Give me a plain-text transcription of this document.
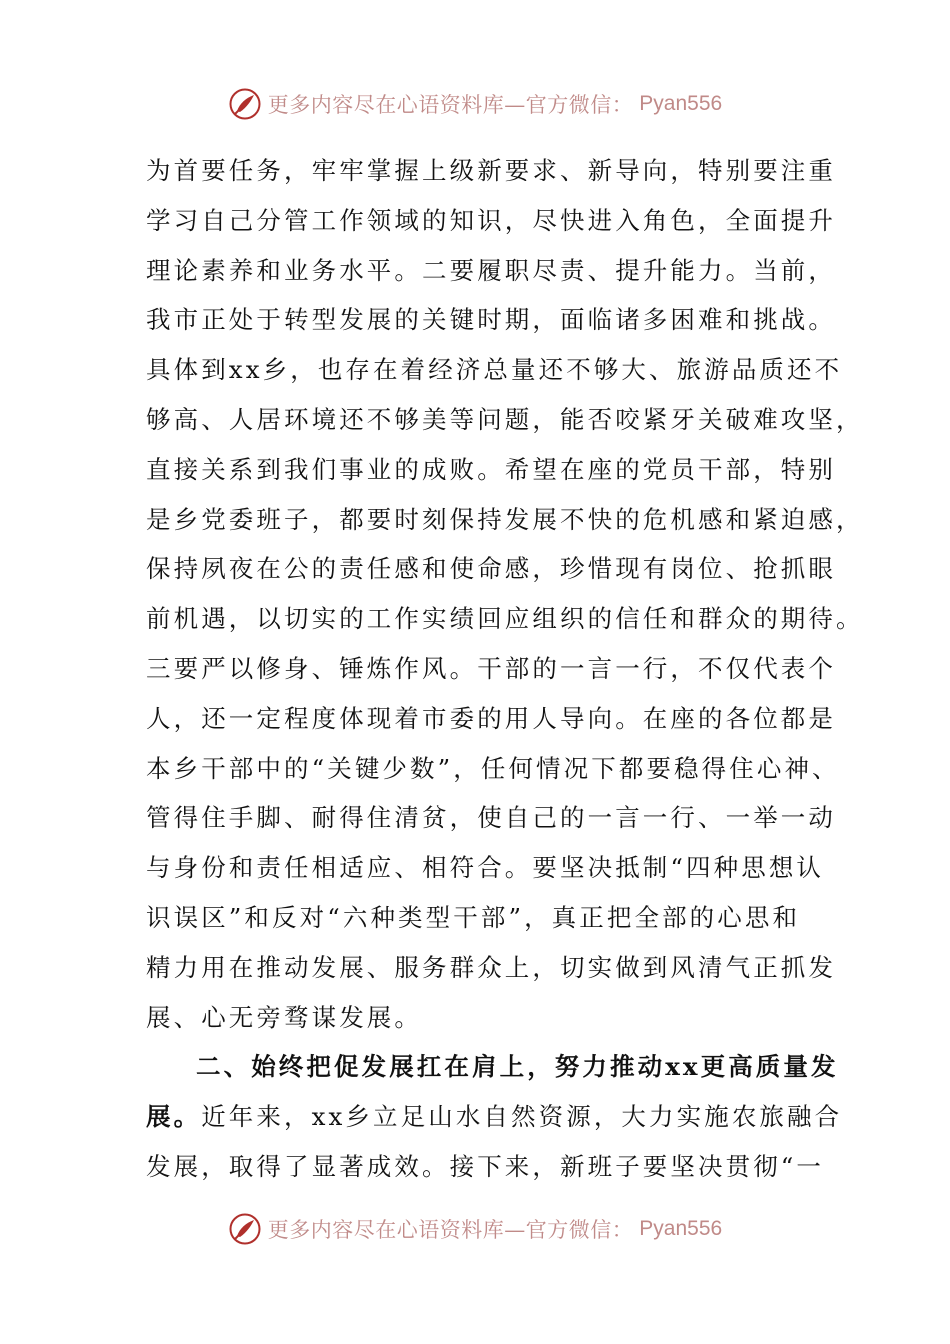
更多内容尽在心语资料库—官方微信： Pyan556
为首要任务，牢牢掌握上级新要求、新导向，特别要注重
学习自己分管工作领域的知识，尽快进入角色，全面提升
理论素养和业务水平。二要履职尽责、提升能力。当前，
我市正处于转型发展的关键时期，面临诸多困难和挑战。
具体到xx乡，也存在着经济总量还不够大、旅游品质还不
够高、人居环境还不够美等问题，能否咬紧牙关破难攻坚，
直接关系到我们事业的成败。希望在座的党员干部，特别
是乡党委班子，都要时刻保持发展不快的危机感和紧迫感，
保持夙夜在公的责任感和使命感，珍惜现有岗位、抢抓眼
前机遇，以切实的工作实绩回应组织的信任和群众的期待。
三要严以修身、锤炼作风。干部的一言一行，不仅代表个
人，还一定程度体现着市委的用人导向。在座的各位都是
本乡干部中的“关键少数”，任何情况下都要稳得住心神、
管得住手脚、耐得住清贫，使自己的一言一行、一举一动
与身份和责任相适应、相符合。要坚决抵制“四种思想认
识误区”和反对“六种类型干部”，真正把全部的心思和
精力用在推动发展、服务群众上，切实做到风清气正抓发
展、心无旁骛谋发展。
二、始终把促发展扛在肩上，努力推动xx更高质量发
展。近年来，xx乡立足山水自然资源，大力实施农旅融合
发展，取得了显著成效。接下来，新班子要坚决贯彻“一
更多内容尽在心语资料库—官方微信： Pyan556
